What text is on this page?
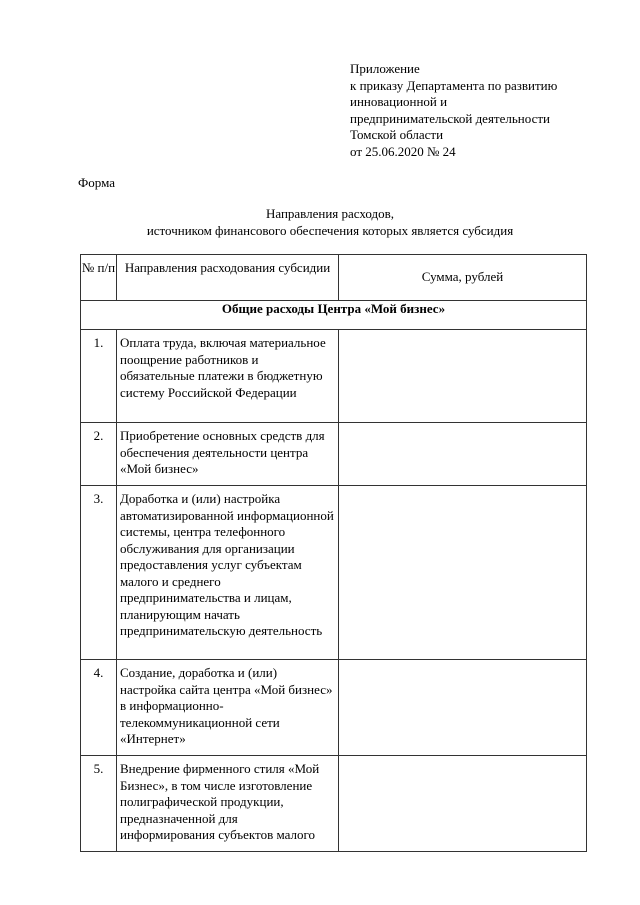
Приложение
к приказу Департамента по развитию
инновационной и
предпринимательской деятельности
Томской области
от 25.06.2020 № 24
Форма
Направления расходов,
источником финансового обеспечения которых является субсидия
№ п/п	Направления расходования субсидии	Сумма, рублей
Общие расходы Центра «Мой бизнес»		
1.	Оплата труда, включая материальное поощрение работников и обязательные платежи в бюджетную систему Российской Федерации	
2.	Приобретение основных средств для обеспечения деятельности центра «Мой бизнес»	
3.	Доработка и (или) настройка автоматизированной информационной системы, центра телефонного обслуживания для организации предоставления услуг субъектам малого и среднего предпринимательства и лицам, планирующим начать предпринимательскую деятельность	
4.	Создание, доработка и (или) настройка сайта центра «Мой бизнес» в информационно-телекоммуникационной сети «Интернет»	
5.	Внедрение фирменного стиля «Мой Бизнес», в том числе изготовление полиграфической продукции, предназначенной для информирования субъектов малого	
